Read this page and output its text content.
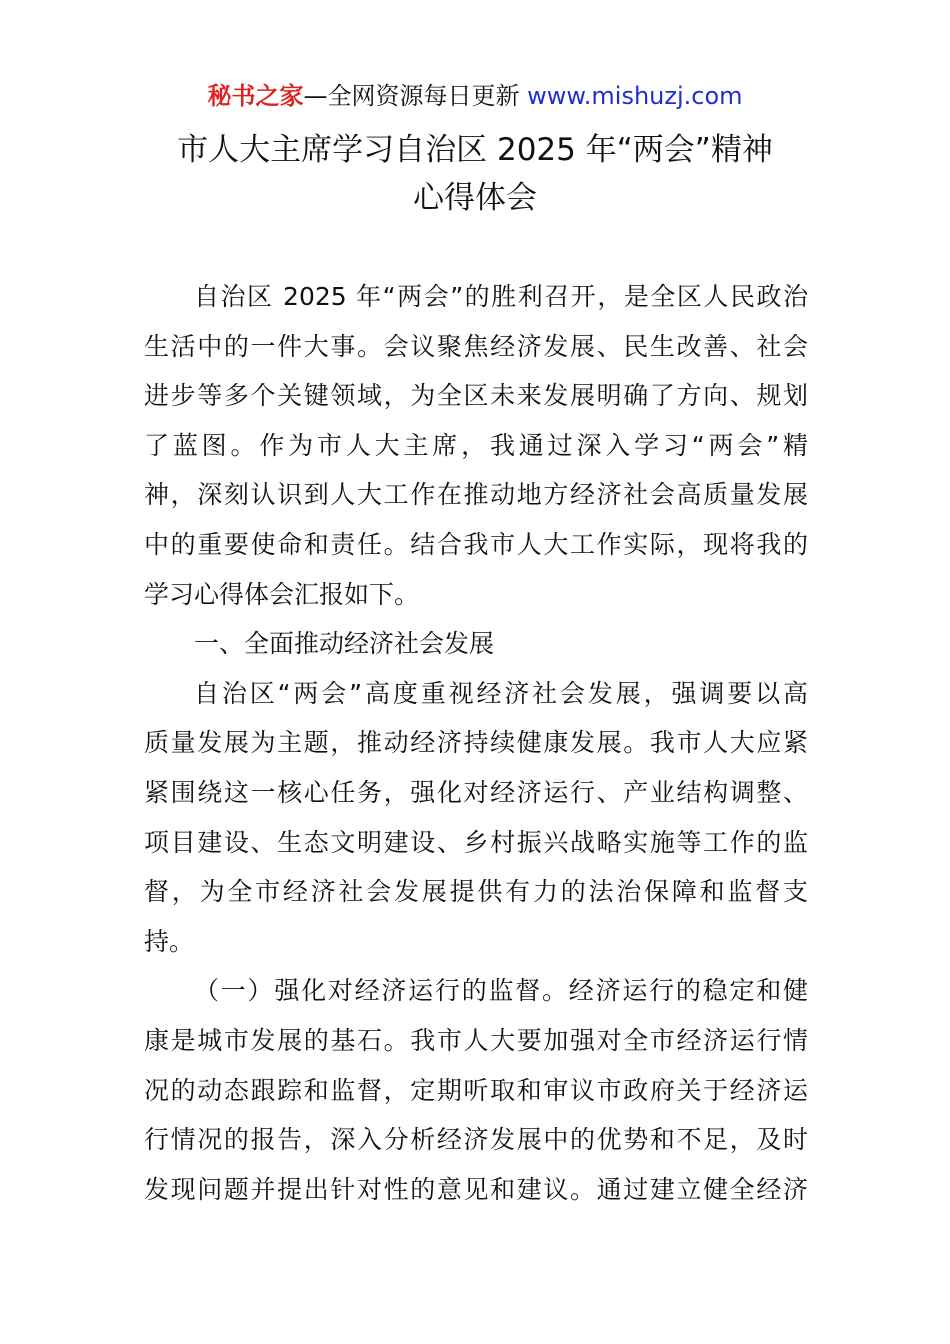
秘书之家—全网资源每日更新 www.mishuzj.com
市人大主席学习自治区 2025 年“两会”精神
心得体会
自治区 2025 年“两会”的胜利召开，是全区人民政治
生活中的一件大事。会议聚焦经济发展、民生改善、社会
进步等多个关键领域，为全区未来发展明确了方向、规划
了蓝图。作为市人大主席，我通过深入学习“两会”精
神，深刻认识到人大工作在推动地方经济社会高质量发展
中的重要使命和责任。结合我市人大工作实际，现将我的
学习心得体会汇报如下。
一、全面推动经济社会发展
自治区“两会”高度重视经济社会发展，强调要以高
质量发展为主题，推动经济持续健康发展。我市人大应紧
紧围绕这一核心任务，强化对经济运行、产业结构调整、
项目建设、生态文明建设、乡村振兴战略实施等工作的监
督，为全市经济社会发展提供有力的法治保障和监督支
持。
（一）强化对经济运行的监督。经济运行的稳定和健
康是城市发展的基石。我市人大要加强对全市经济运行情
况的动态跟踪和监督，定期听取和审议市政府关于经济运
行情况的报告，深入分析经济发展中的优势和不足，及时
发现问题并提出针对性的意见和建议。通过建立健全经济
